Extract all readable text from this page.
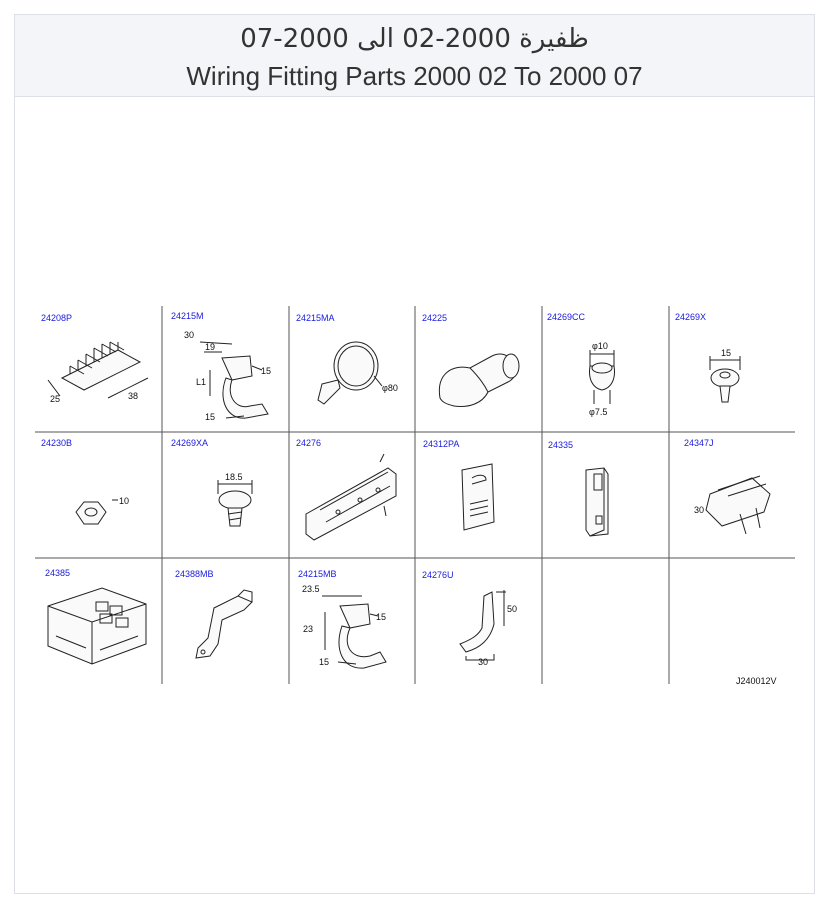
ظفيرة 2000-02 الى 2000-07
Wiring Fitting Parts 2000 02 To 2000 07
24208P
25	38
24215M
30
19
L1
15
15
24215MA
φ80
24225	24269CC
φ10
φ7.5
24269X
15
24230B
10
24269XA
18.5
24276	24312PA	24335	24347J
30
24385	24388MB	24215MB
23.5
23
15
15
24276U
50
30
J240012V
